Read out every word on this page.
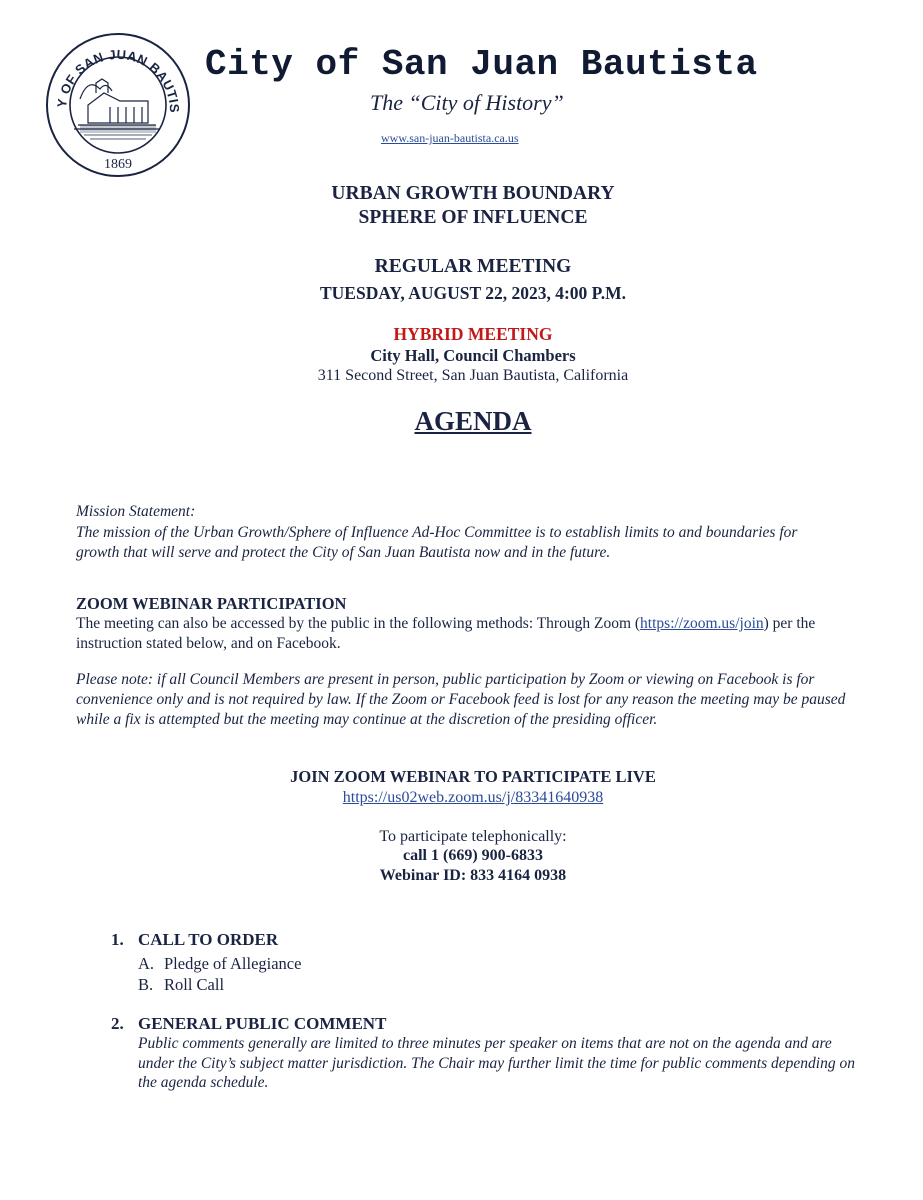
Y OF SAN JUAN BAUTIS
1869
City of San Juan Bautista
The “City of History”
www.san-juan-bautista.ca.us
URBAN GROWTH BOUNDARY
SPHERE OF INFLUENCE
REGULAR MEETING
TUESDAY, AUGUST 22, 2023, 4:00 P.M.
HYBRID MEETING
City Hall, Council Chambers
311 Second Street, San Juan Bautista, California
AGENDA
Mission Statement:
The mission of the Urban Growth/Sphere of Influence Ad-Hoc Committee is to establish limits to and boundaries for growth that will serve and protect the City of San Juan Bautista now and in the future.
ZOOM WEBINAR PARTICIPATION
The meeting can also be accessed by the public in the following methods: Through Zoom (https://zoom.us/join) per the instruction stated below, and on Facebook.
Please note: if all Council Members are present in person, public participation by Zoom or viewing on Facebook is for convenience only and is not required by law. If the Zoom or Facebook feed is lost for any reason the meeting may be paused while a fix is attempted but the meeting may continue at the discretion of the presiding officer.
JOIN ZOOM WEBINAR TO PARTICIPATE LIVE
https://us02web.zoom.us/j/83341640938
To participate telephonically:
call 1 (669) 900-6833
Webinar ID: 833 4164 0938
1. CALL TO ORDER
A. Pledge of Allegiance
B. Roll Call
2. GENERAL PUBLIC COMMENT
Public comments generally are limited to three minutes per speaker on items that are not on the agenda and are under the City’s subject matter jurisdiction. The Chair may further limit the time for public comments depending on the agenda schedule.
